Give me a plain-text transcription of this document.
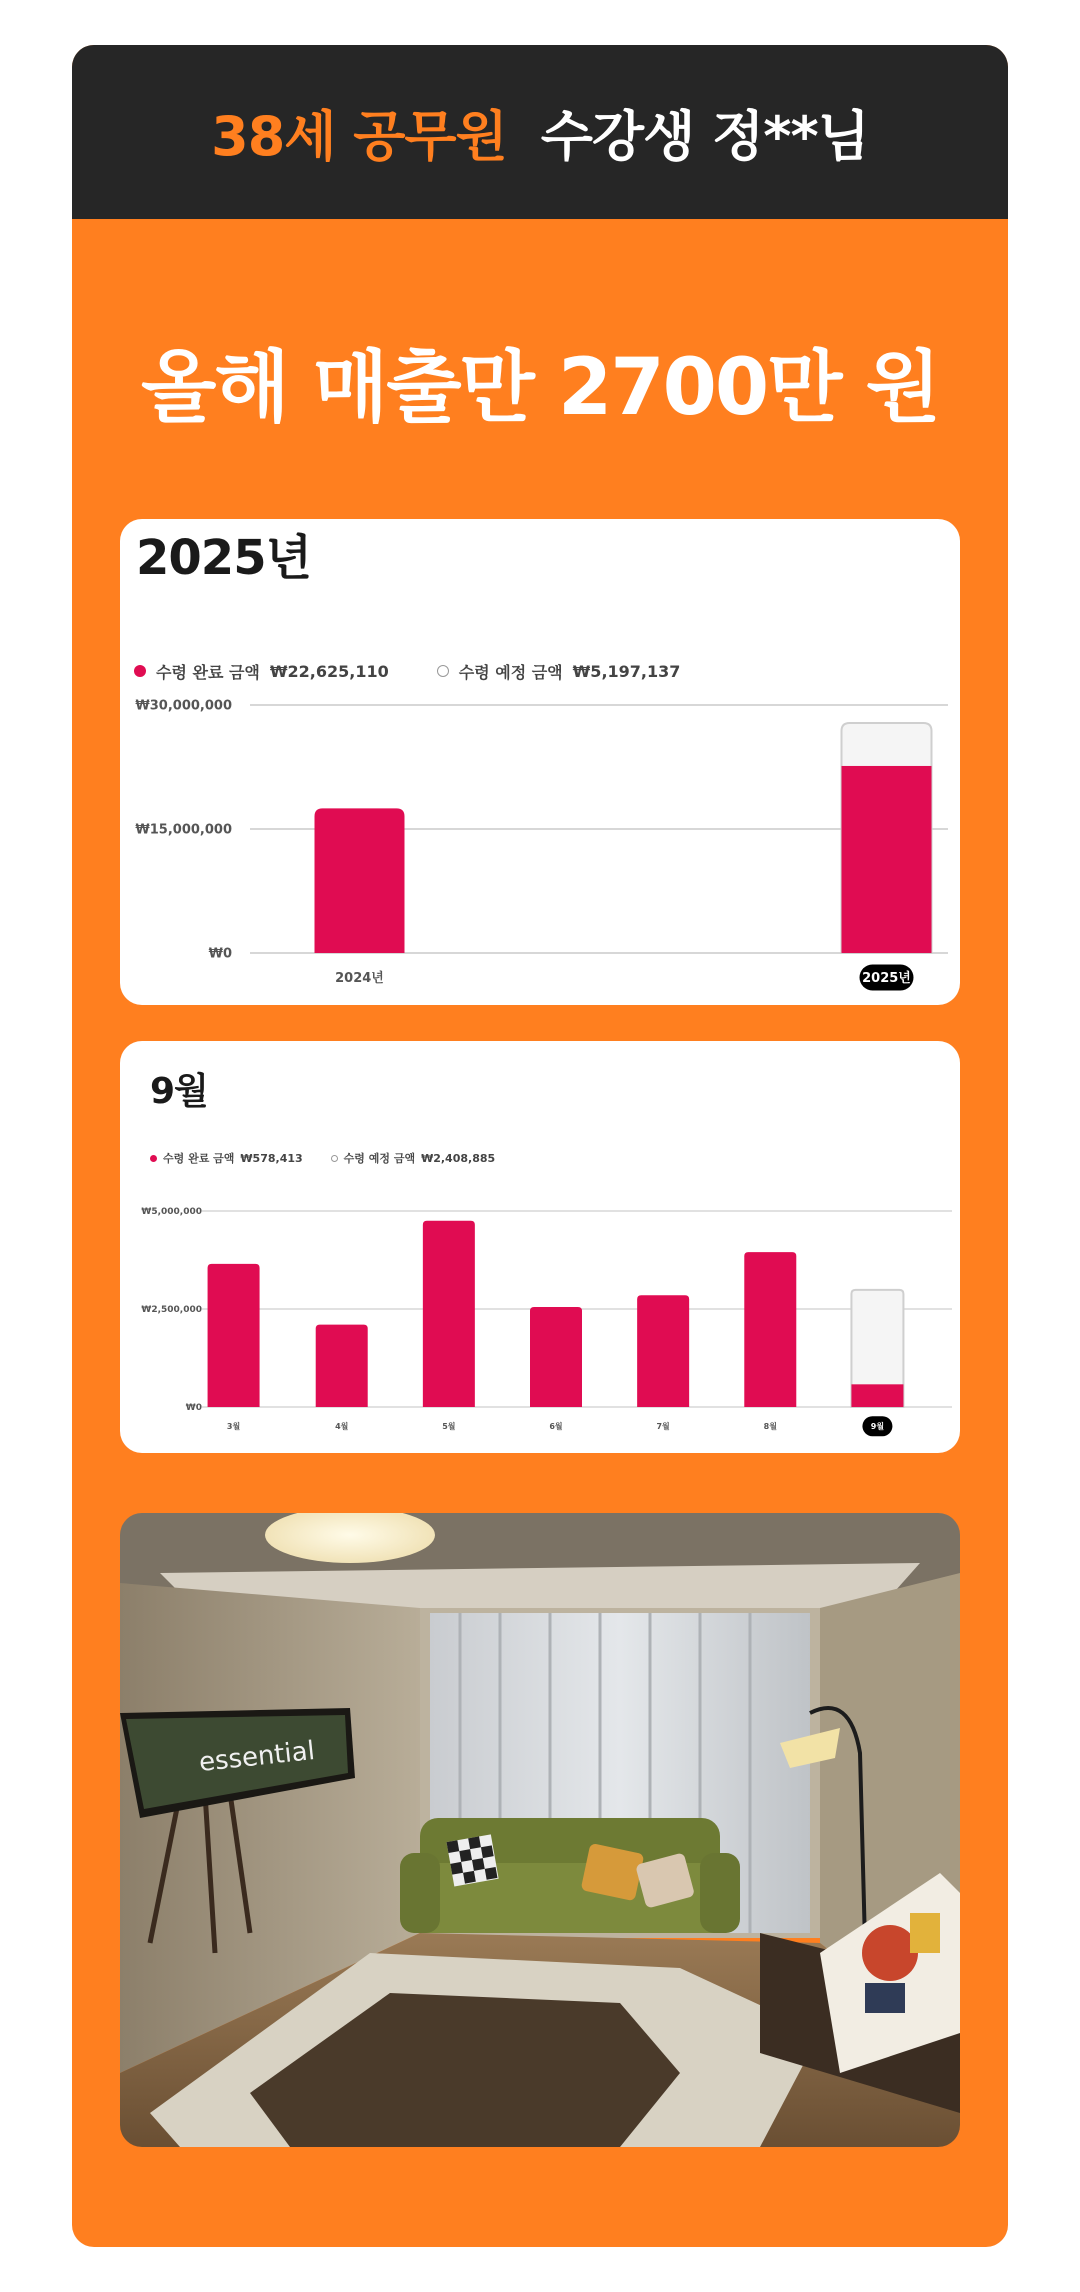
38세 공무원 수강생 정**님
올해 매출만 2700만 원
2025년
수령 완료 금액 ₩22,625,110	수령 예정 금액 ₩5,197,137
₩0
₩15,000,000
₩30,000,000
2024년	2025년
9월
수령 완료 금액 ₩578,413	수령 예정 금액 ₩2,408,885
₩0
₩2,500,000
₩5,000,000
3월	4월	5월	6월	7월	8월	9월
essential
